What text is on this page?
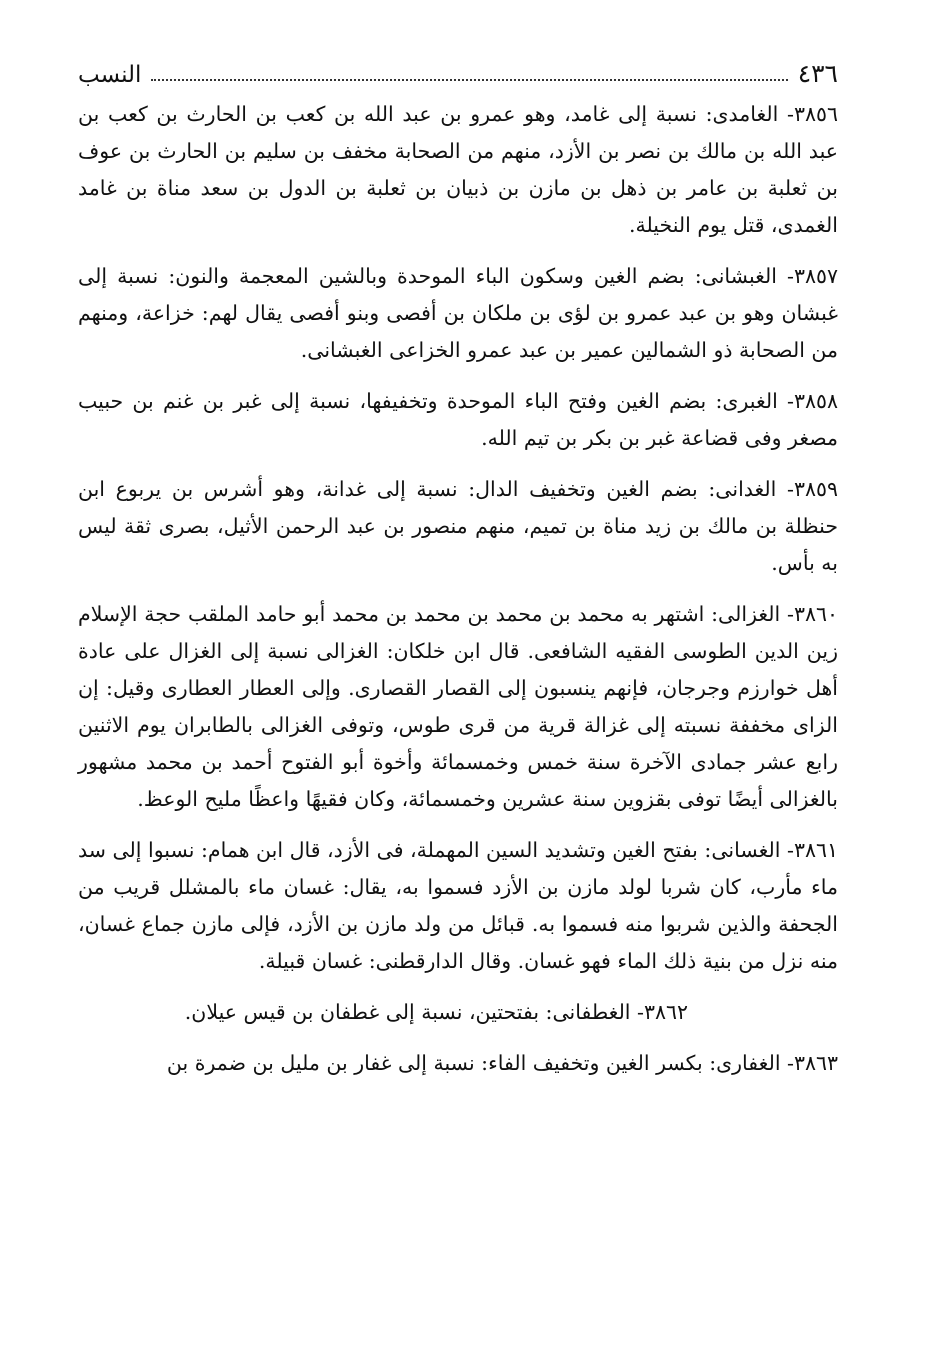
٤٣٦
النسب

٣٨٥٦- الغامدى: نسبة إلى غامد، وهو عمرو بن عبد الله بن كعب بن الحارث بن كعب بن عبد الله بن مالك بن نصر بن الأزد، منهم من الصحابة مخفف بن سليم بن الحارث بن عوف بن ثعلبة بن عامر بن ذهل بن مازن بن ذبيان بن ثعلبة بن الدول بن سعد مناة بن غامد الغمدى، قتل يوم النخيلة.

٣٨٥٧- الغبشانى: بضم الغين وسكون الباء الموحدة وبالشين المعجمة والنون: نسبة إلى غبشان وهو بن عبد عمرو بن لؤى بن ملكان بن أفصى وبنو أفصى يقال لهم: خزاعة، ومنهم من الصحابة ذو الشمالين عمير بن عبد عمرو الخزاعى الغبشانى.

٣٨٥٨- الغبرى: بضم الغين وفتح الباء الموحدة وتخفيفها، نسبة إلى غبر بن غنم بن حبيب مصغر وفى قضاعة غبر بن بكر بن تيم الله.

٣٨٥٩- الغدانى: بضم الغين وتخفيف الدال: نسبة إلى غدانة، وهو أشرس بن يربوع ابن حنظلة بن مالك بن زيد مناة بن تميم، منهم منصور بن عبد الرحمن الأثيل، بصرى ثقة ليس به بأس.

٣٨٦٠- الغزالى: اشتهر به محمد بن محمد بن محمد بن محمد أبو حامد الملقب حجة الإسلام زين الدين الطوسى الفقيه الشافعى. قال ابن خلكان: الغزالى نسبة إلى الغزال على عادة أهل خوارزم وجرجان، فإنهم ينسبون إلى القصار القصارى. وإلى العطار العطارى وقيل: إن الزاى مخففة نسبته إلى غزالة قرية من قرى طوس، وتوفى الغزالى بالطابران يوم الاثنين رابع عشر جمادى الآخرة سنة خمس وخمسمائة وأخوة أبو الفتوح أحمد بن محمد مشهور بالغزالى أيضًا توفى بقزوين سنة عشرين وخمسمائة، وكان فقيهًا واعظًا مليح الوعظ.

٣٨٦١- الغسانى: بفتح الغين وتشديد السين المهملة، فى الأزد، قال ابن همام: نسبوا إلى سد ماء مأرب، كان شربا لولد مازن بن الأزد فسموا به، يقال: غسان ماء بالمشلل قريب من الجحفة والذين شربوا منه فسموا به. قبائل من ولد مازن بن الأزد، فإلى مازن جماع غسان، منه نزل من بنية ذلك الماء فهو غسان. وقال الدارقطنى: غسان قبيلة.

٣٨٦٢- الغطفانى: بفتحتين، نسبة إلى غطفان بن قيس عيلان.

٣٨٦٣- الغفارى: بكسر الغين وتخفيف الفاء: نسبة إلى غفار بن مليل بن ضمرة بن
